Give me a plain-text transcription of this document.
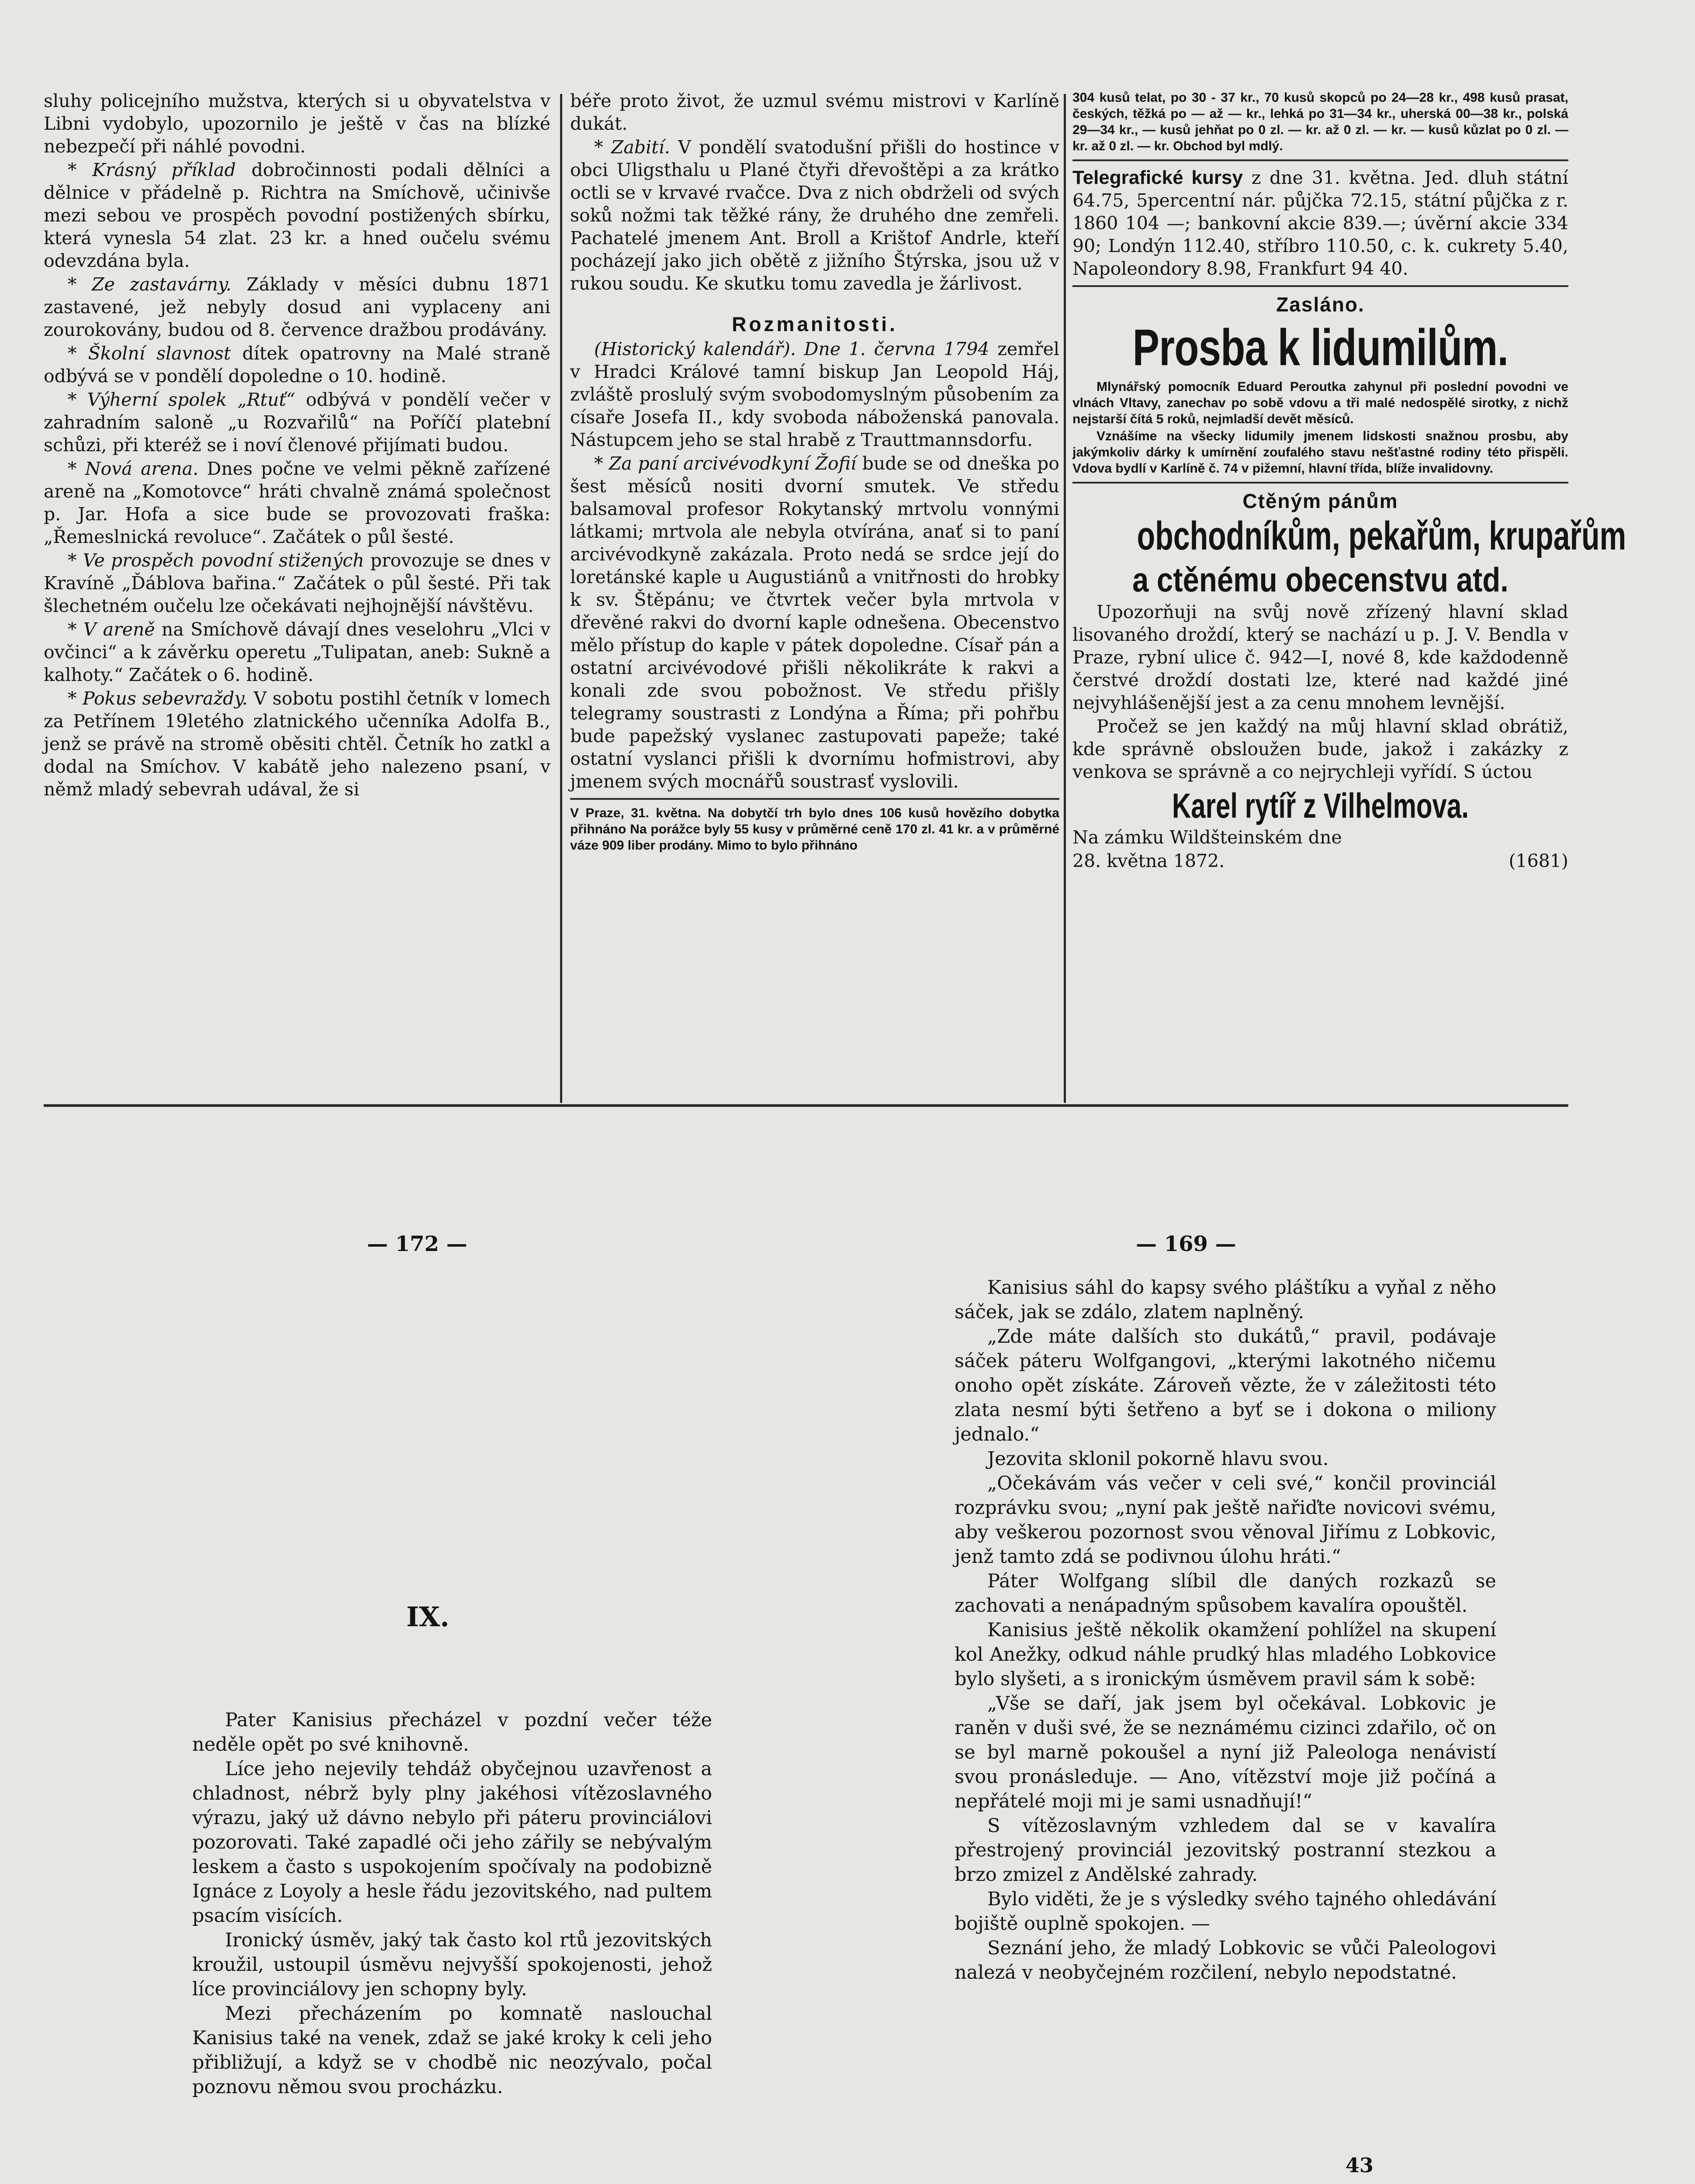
sluhy policejního mužstva, kterých si u obyvatelstva v Libni vydobylo, upozornilo je ještě v čas na blízké nebezpečí při náhlé povodni.

* Krásný příklad dobročinnosti podali dělníci a dělnice v přádelně p. Richtra na Smíchově, učinivše mezi sebou ve prospěch povodní postižených sbírku, která vynesla 54 zlat. 23 kr. a hned oučelu svému odevzdána byla.

* Ze zastavárny. Základy v měsíci dubnu 1871 zastavené, jež nebyly dosud ani vyplaceny ani zourokovány, budou od 8. července dražbou prodávány.

* Školní slavnost dítek opatrovny na Malé straně odbývá se v pondělí dopoledne o 10. hodině.

* Výherní spolek „Rtuť“ odbývá v pondělí večer v zahradním saloně „u Rozvařilů“ na Poříčí platební schůzi, při kteréž se i noví členové přijímati budou.

* Nová arena. Dnes počne ve velmi pěkně zařízené areně na „Komotovce“ hráti chvalně známá společnost p. Jar. Hofa a sice bude se provozovati fraška: „Řemeslnická revoluce“. Začátek o půl šesté.

* Ve prospěch povodní stižených provozuje se dnes v Kravíně „Ďáblova bařina.“ Začátek o půl šesté. Při tak šlechetném oučelu lze očekávati nejhojnější návštěvu.

* V areně na Smíchově dávají dnes veselohru „Vlci v ovčinci“ a k závěrku operetu „Tulipatan, aneb: Sukně a kalhoty.“ Začátek o 6. hodině.

* Pokus sebevraždy. V sobotu postihl četník v lomech za Petřínem 19letého zlatnického učenníka Adolfa B., jenž se právě na stromě oběsiti chtěl. Četník ho zatkl a dodal na Smíchov. V kabátě jeho nalezeno psaní, v němž mladý sebevrah udával, že si

béře proto život, že uzmul svému mistrovi v Karlíně dukát.

* Zabití. V pondělí svatodušní přišli do hostince v obci Uligsthalu u Plané čtyři dřevoštěpi a za krátko octli se v krvavé rvačce. Dva z nich obdrželi od svých soků nožmi tak těžké rány, že druhého dne zemřeli. Pachatelé jmenem Ant. Broll a Krištof Andrle, kteří pocházejí jako jich obětě z jižního Štýrska, jsou už v rukou soudu. Ke skutku tomu zavedla je žárlivost.

Rozmanitosti.

(Historický kalendář). Dne 1. června 1794 zemřel v Hradci Králové tamní biskup Jan Leopold Háj, zvláště proslulý svým svobodomyslným působením za císaře Josefa II., kdy svoboda náboženská panovala. Nástupcem jeho se stal hrabě z Trauttmannsdorfu.

* Za paní arcivévodkyní Žofií bude se od dneška po šest měsíců nositi dvorní smutek. Ve středu balsamoval profesor Rokytanský mrtvolu vonnými látkami; mrtvola ale nebyla otvírána, anať si to paní arcivévodkyně zakázala. Proto nedá se srdce její do loretánské kaple u Augustiánů a vnitřnosti do hrobky k sv. Štěpánu; ve čtvrtek večer byla mrtvola v dřevěné rakvi do dvorní kaple odnešena. Obecenstvo mělo přístup do kaple v pátek dopoledne. Císař pán a ostatní arcivévodové přišli několikráte k rakvi a konali zde svou pobožnost. Ve středu přišly telegramy soustrasti z Londýna a Říma; při pohřbu bude papežský vyslanec zastupovati papeže; také ostatní vyslanci přišli k dvornímu hofmistrovi, aby jmenem svých mocnářů soustrasť vyslovili.

V Praze, 31. května. Na dobytčí trh bylo dnes 106 kusů hovězího dobytka přihnáno Na porážce byly 55 kusy v průměrné ceně 170 zl. 41 kr. a v průměrné váze 909 liber prodány. Mimo to bylo přihnáno

304 kusů telat, po 30 - 37 kr., 70 kusů skopců po 24—28 kr., 498 kusů prasat, českých, těžká po — až — kr., lehká po 31—34 kr., uherská 00—38 kr., polská 29—34 kr., — kusů jehňat po 0 zl. — kr. až 0 zl. — kr. — kusů kůzlat po 0 zl. — kr. až 0 zl. — kr. Obchod byl mdlý.

Telegrafické kursy z dne 31. května. Jed. dluh státní 64.75, 5percentní nár. půjčka 72.15, státní půjčka z r. 1860 104 —; bankovní akcie 839.—; úvěrní akcie 334 90; Londýn 112.40, stříbro 110.50, c. k. cukrety 5.40, Napoleondory 8.98, Frankfurt 94 40.

Zasláno.
Prosba k lidumilům.

Mlynářský pomocník Eduard Peroutka zahynul při poslední povodni ve vlnách Vltavy, zanechav po sobě vdovu a tři malé nedospělé sirotky, z nichž nejstarší čítá 5 roků, nejmladší devět měsíců.

Vznášíme na všecky lidumily jmenem lidskosti snažnou prosbu, aby jakýmkoliv dárky k umírnění zoufalého stavu nešťastné rodiny této přispěli. Vdova bydlí v Karlíně č. 74 v pižemní, hlavní třída, blíže invalidovny.

Ctěným pánům
obchodníkům, pekařům, krupařům
a ctěnému obecenstvu atd.

Upozorňuji na svůj nově zřízený hlavní sklad lisovaného droždí, který se nachází u p. J. V. Bendla v Praze, rybní ulice č. 942—I, nové 8, kde každodenně čerstvé droždí dostati lze, které nad každé jiné nejvyhlášenější jest a za cenu mnohem levnější.

Pročež se jen každý na můj hlavní sklad obrátiž, kde správně obsloužen bude, jakož i zakázky z venkova se správně a co nejrychleji vyřídí. S úctou

Karel rytíř z Vilhelmova.

Na zámku Wildšteinském dne

28. května 1872.	(1681)
— 172 —	— 169 —
IX.

Pater Kanisius přecházel v pozdní večer téže neděle opět po své knihovně.

Líce jeho nejevily tehdáž obyčejnou uzavřenost a chladnost, nébrž byly plny jakéhosi vítězoslavného výrazu, jaký už dávno nebylo při páteru provinciálovi pozorovati. Také zapadlé oči jeho zářily se nebývalým leskem a často s uspokojením spočívaly na podobizně Ignáce z Loyoly a hesle řádu jezovitského, nad pultem psacím visících.

Ironický úsměv, jaký tak často kol rtů jezovitských kroužil, ustoupil úsměvu nejvyšší spokojenosti, jehož líce provinciálovy jen schopny byly.

Mezi přecházením po komnatě naslouchal Kanisius také na venek, zdaž se jaké kroky k celi jeho přibližují, a když se v chodbě nic neozývalo, počal poznovu němou svou procházku.

Kanisius sáhl do kapsy svého pláštíku a vyňal z něho sáček, jak se zdálo, zlatem naplněný.

„Zde máte dalších sto dukátů,“ pravil, podávaje sáček páteru Wolfgangovi, „kterými lakotného ničemu onoho opět získáte. Zároveň vězte, že v záležitosti této zlata nesmí býti šetřeno a byť se i dokona o miliony jednalo.“

Jezovita sklonil pokorně hlavu svou.

„Očekávám vás večer v celi své,“ končil provinciál rozprávku svou; „nyní pak ještě nařiďte novicovi svému, aby veškerou pozornost svou věnoval Jiřímu z Lobkovic, jenž tamto zdá se podivnou úlohu hráti.“

Páter Wolfgang slíbil dle daných rozkazů se zachovati a nenápadným spůsobem kavalíra opouštěl.

Kanisius ještě několik okamžení pohlížel na skupení kol Anežky, odkud náhle prudký hlas mladého Lobkovice bylo slyšeti, a s ironickým úsměvem pravil sám k sobě:

„Vše se daří, jak jsem byl očekával. Lobkovic je raněn v duši své, že se neznámému cizinci zdařilo, oč on se byl marně pokoušel a nyní již Paleologa nenávistí svou pronásleduje. — Ano, vítězství moje již počíná a nepřátelé moji mi je sami usnadňují!“

S vítězoslavným vzhledem dal se v kavalíra přestrojený provinciál jezovitský postranní stezkou a brzo zmizel z Andělské zahrady.

Bylo viděti, že je s výsledky svého tajného ohledávání bojiště ouplně spokojen. —

Seznání jeho, že mladý Lobkovic se vůči Paleologovi nalezá v neobyčejném rozčilení, nebylo nepodstatné.

43
